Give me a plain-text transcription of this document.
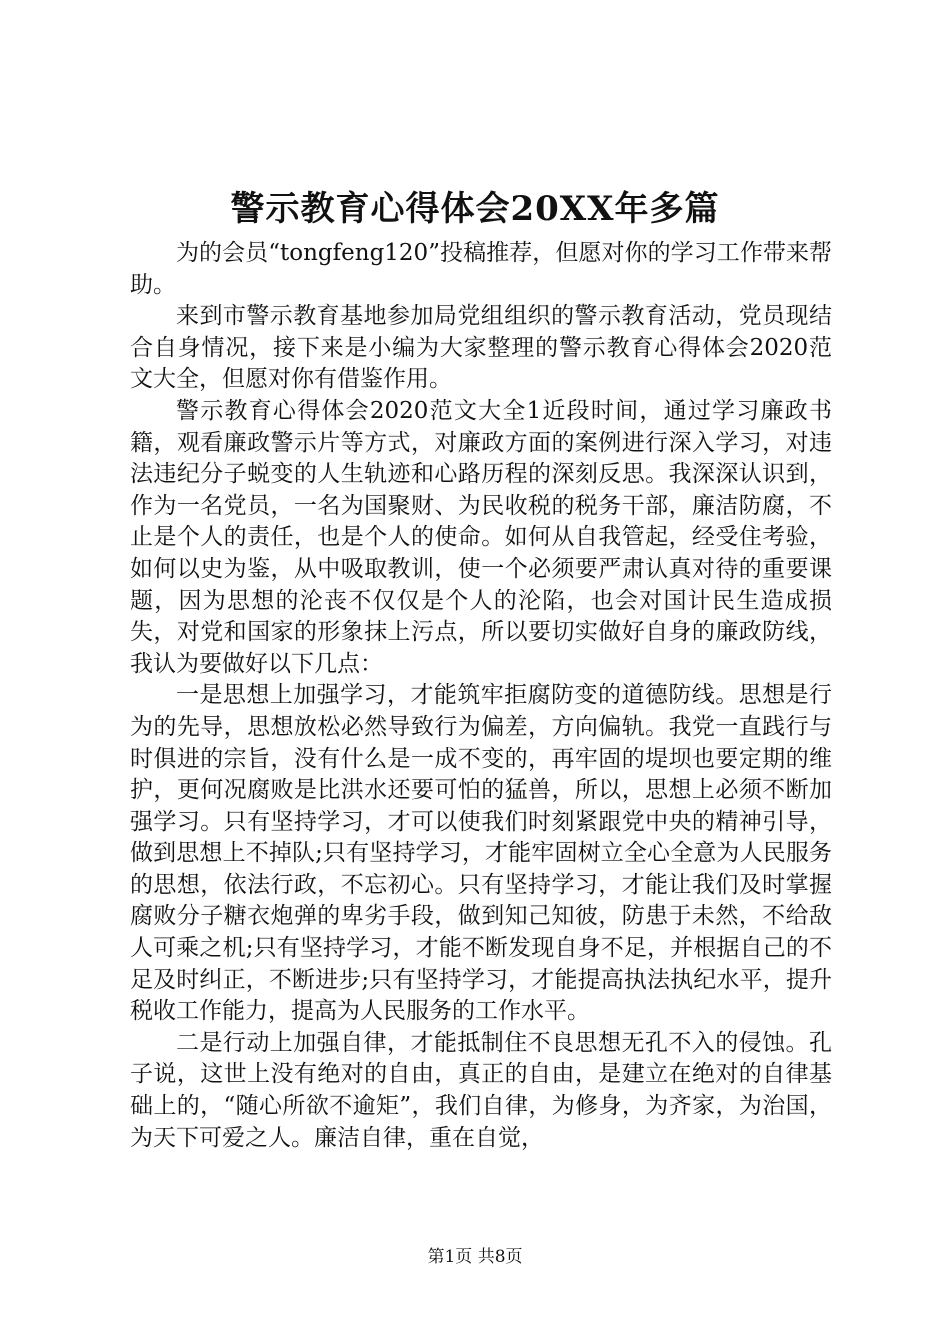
警示教育心得体会20XX年多篇

为的会员“tongfeng120”投稿推荐，但愿对你的学习工作带来帮助。

来到市警示教育基地参加局党组组织的警示教育活动，党员现结合自身情况，接下来是小编为大家整理的警示教育心得体会2020范文大全，但愿对你有借鉴作用。

警示教育心得体会2020范文大全1近段时间，通过学习廉政书籍，观看廉政警示片等方式，对廉政方面的案例进行深入学习，对违法违纪分子蜕变的人生轨迹和心路历程的深刻反思。我深深认识到，作为一名党员，一名为国聚财、为民收税的税务干部，廉洁防腐，不止是个人的责任，也是个人的使命。如何从自我管起，经受住考验，如何以史为鉴，从中吸取教训，使一个必须要严肃认真对待的重要课题，因为思想的沦丧不仅仅是个人的沦陷，也会对国计民生造成损失，对党和国家的形象抹上污点，所以要切实做好自身的廉政防线，我认为要做好以下几点：

一是思想上加强学习，才能筑牢拒腐防变的道德防线。思想是行为的先导，思想放松必然导致行为偏差，方向偏轨。我党一直践行与时俱进的宗旨，没有什么是一成不变的，再牢固的堤坝也要定期的维护，更何况腐败是比洪水还要可怕的猛兽，所以，思想上必须不断加强学习。只有坚持学习，才可以使我们时刻紧跟党中央的精神引导，做到思想上不掉队;只有坚持学习，才能牢固树立全心全意为人民服务的思想，依法行政，不忘初心。只有坚持学习，才能让我们及时掌握腐败分子糖衣炮弹的卑劣手段，做到知己知彼，防患于未然，不给敌人可乘之机;只有坚持学习，才能不断发现自身不足，并根据自己的不足及时纠正，不断进步;只有坚持学习，才能提高执法执纪水平，提升税收工作能力，提高为人民服务的工作水平。

二是行动上加强自律，才能抵制住不良思想无孔不入的侵蚀。孔子说，这世上没有绝对的自由，真正的自由，是建立在绝对的自律基础上的，“随心所欲不逾矩”，我们自律，为修身，为齐家，为治国，为天下可爱之人。廉洁自律，重在自觉，

第1页 共8页
